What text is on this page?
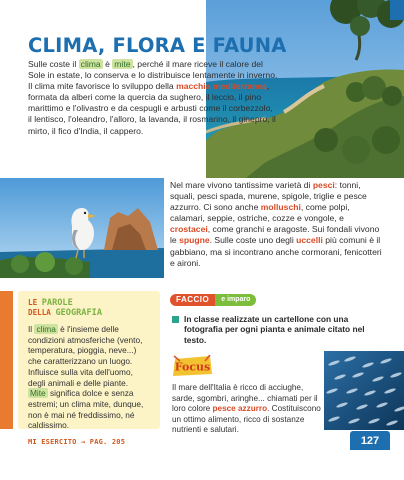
CLIMA, FLORA E FAUNA

Sulle coste il clima è mite , perché il mare riceve il calore del Sole in estate, lo conserva e lo distribuisce lentamente in inverno.

Il clima mite favorisce lo sviluppo della macchia mediterranea, formata da alberi come la quercia da sughero, il leccio, il pino marittimo e l'olivastro e da cespugli e arbusti come il corbezzolo, il lentisco, l'oleandro, l'alloro, la lavanda, il rosmarino, il ginepro, il mirto, il fico d'India, il cappero.

Nel mare vivono tantissime varietà di pesci: tonni, squali, pesci spada, murene, spigole, triglie e pesce azzurro. Ci sono anche molluschi, come polpi, calamari, seppie, ostriche, cozze e vongole, e crostacei, come granchi e aragoste. Sui fondali vivono le spugne. Sulle coste uno degli uccelli più comuni è il gabbiano, ma si incontrano anche cormorani, fenicotteri e aironi.
LE PAROLE
DELLA GEOGRAFIA
Il clima è l'insieme delle condizioni atmosferiche (vento, temperatura, pioggia, neve...) che caratterizzano un luogo. Influisce sulla vita dell'uomo, degli animali e delle piante.
Mite significa dolce e senza estremi; un clima mite, dunque, non è mai né freddissimo, né caldissimo.
FACCIO	e imparo
In classe realizzate un cartellone con una fotografia per ogni pianta e animale citato nel testo.
Focus
Il mare dell'Italia è ricco di acciughe, sarde, sgombri, aringhe... chiamati per il loro colore pesce azzurro. Costituiscono un ottimo alimento, ricco di sostanze nutrienti e salutari.
MI ESERCITO → PAG. 205	127
